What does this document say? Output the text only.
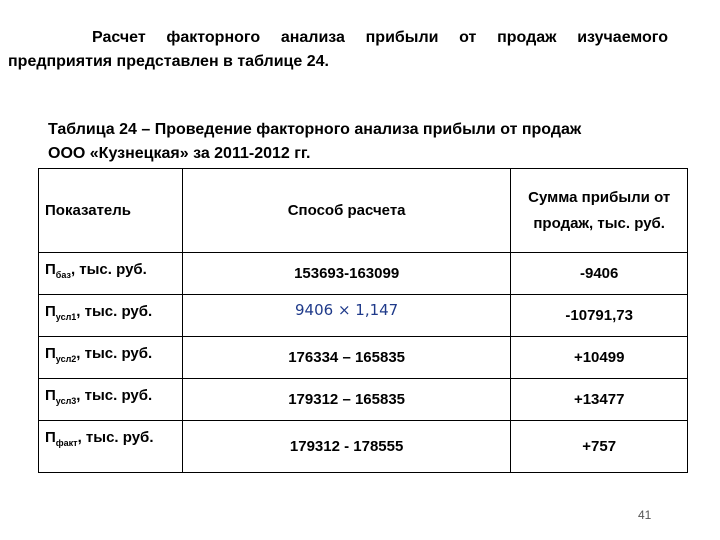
Расчет факторного анализа прибыли от продаж изучаемого
предприятия представлен в таблице 24.
Таблица 24 – Проведение факторного анализа прибыли от продаж
ООО «Кузнецкая» за 2011-2012 гг.
Показатель	Способ расчета	Сумма прибыли от продаж, тыс. руб.
$П_{баз}$, тыс. руб.	153693-163099	-9406
$П_{усл1}$, тыс. руб.	9406 × 1,147	-10791,73
$П_{усл2}$, тыс. руб.	176334 – 165835	+10499
$П_{усл3}$, тыс. руб.	179312 – 165835	+13477
$П_{факт}$, тыс. руб.	179312 - 178555	+757
41
